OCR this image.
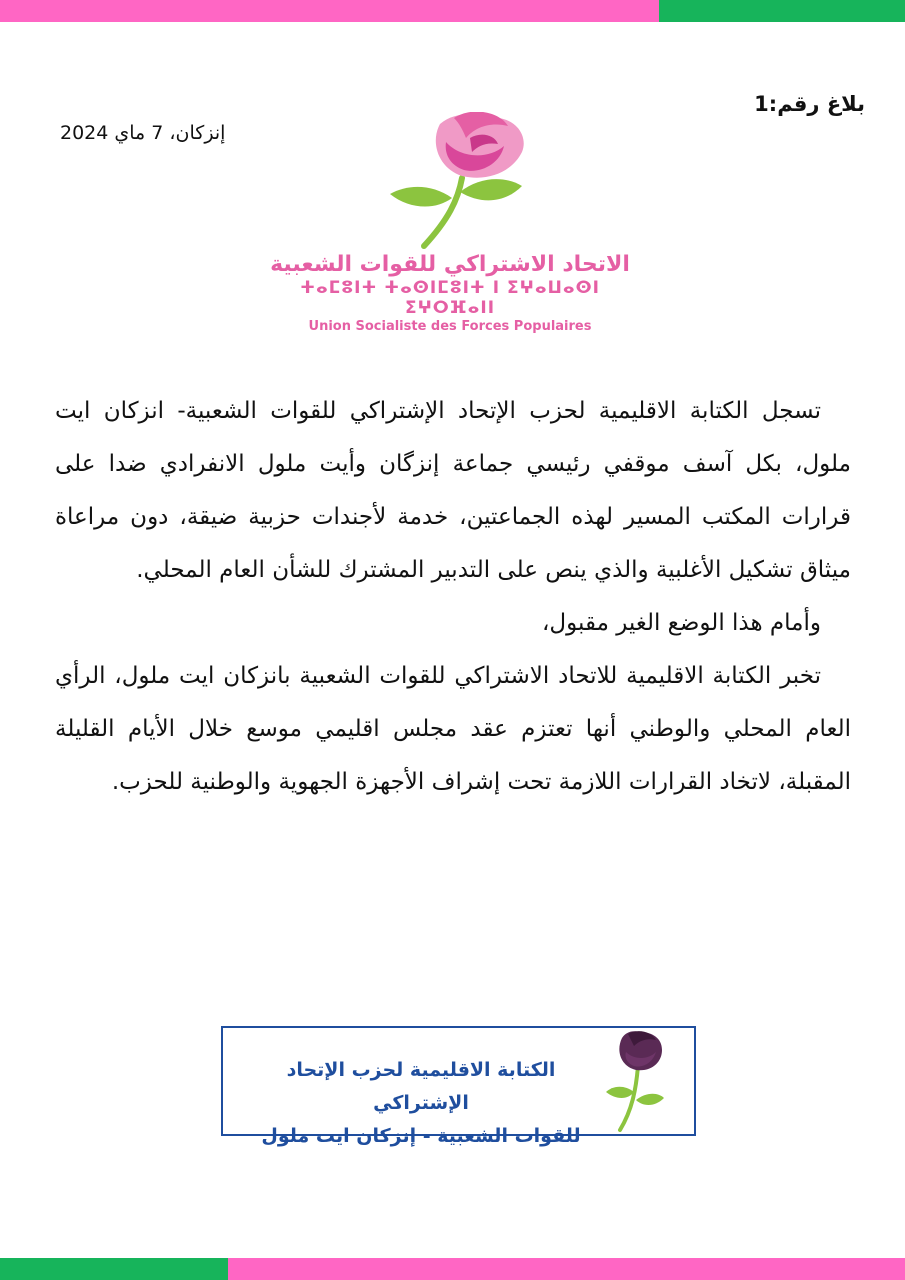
بلاغ رقم:1
إنزكان، 7 ماي 2024
الاتحاد الاشتراكي للقوات الشعبية
ⵜⴰⵎⵓⵏⵜ ⵜⴰⵙⵏⵎⵓⵏⵜ ⵏ ⵉⵖⴰⵡⴰⵙⵏ ⵉⵖⵔⴼⴰⵏⵏ
Union Socialiste des Forces Populaires

تسجل الكتابة الاقليمية لحزب الإتحاد الإشتراكي للقوات الشعبية- انزكان ايت ملول، بكل آسف موقفي رئيسي جماعة إنزگان وأيت ملول الانفرادي ضدا على قرارات المكتب المسير لهذه الجماعتين، خدمة لأجندات حزبية ضيقة، دون مراعاة ميثاق تشكيل الأغلبية والذي ينص على التدبير المشترك للشأن العام المحلي.

وأمام هذا الوضع الغير مقبول،

تخبر الكتابة الاقليمية للاتحاد الاشتراكي للقوات الشعبية بانزكان ايت ملول، الرأي العام المحلي والوطني أنها تعتزم عقد مجلس اقليمي موسع خلال الأيام القليلة المقبلة، لاتخاد القرارات اللازمة تحت إشراف الأجهزة الجهوية والوطنية للحزب.

الكتابة الاقليمية لحزب الإتحاد الإشتراكي
للقوات الشعبية - إنزكان ايت ملول
